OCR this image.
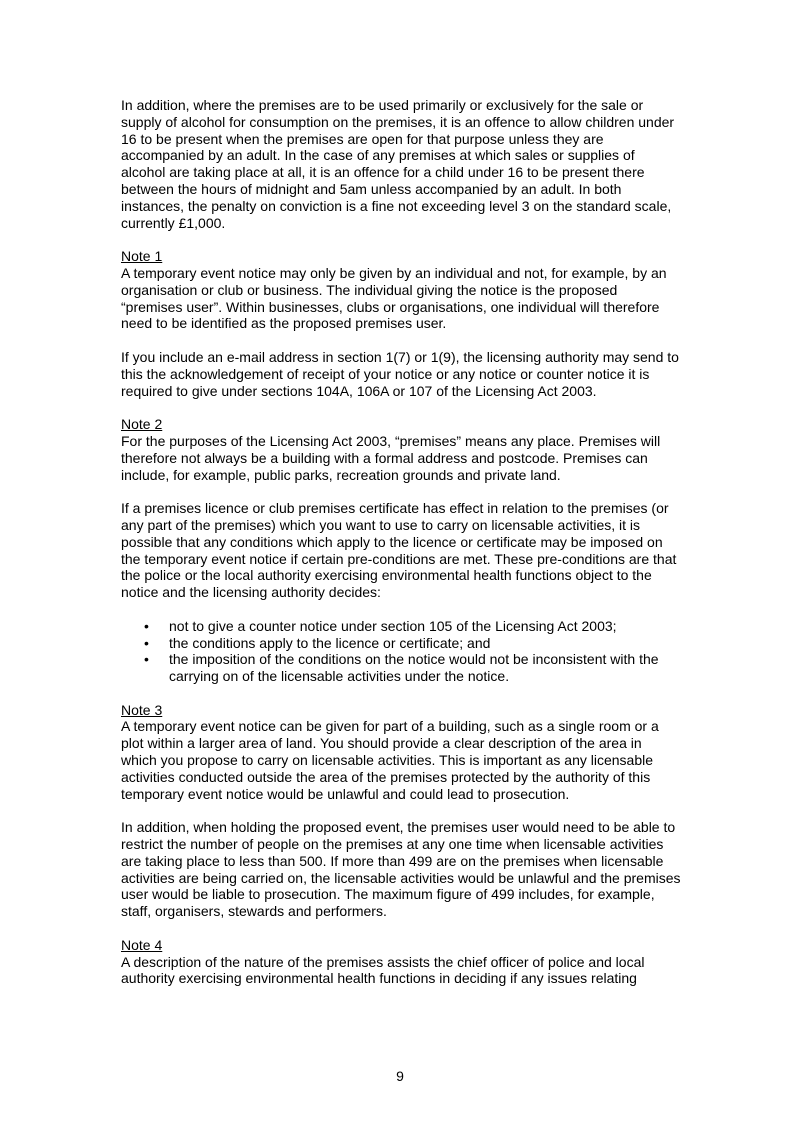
In addition, where the premises are to be used primarily or exclusively for the sale or supply of alcohol for consumption on the premises, it is an offence to allow children under 16 to be present when the premises are open for that purpose unless they are accompanied by an adult. In the case of any premises at which sales or supplies of alcohol are taking place at all, it is an offence for a child under 16 to be present there between the hours of midnight and 5am unless accompanied by an adult. In both instances, the penalty on conviction is a fine not exceeding level 3 on the standard scale, currently £1,000.

Note 1

A temporary event notice may only be given by an individual and not, for example, by an organisation or club or business. The individual giving the notice is the proposed “premises user”. Within businesses, clubs or organisations, one individual will therefore need to be identified as the proposed premises user.

If you include an e-mail address in section 1(7) or 1(9), the licensing authority may send to this the acknowledgement of receipt of your notice or any notice or counter notice it is required to give under sections 104A, 106A or 107 of the Licensing Act 2003.

Note 2

For the purposes of the Licensing Act 2003, “premises” means any place. Premises will therefore not always be a building with a formal address and postcode. Premises can include, for example, public parks, recreation grounds and private land.

If a premises licence or club premises certificate has effect in relation to the premises (or any part of the premises) which you want to use to carry on licensable activities, it is possible that any conditions which apply to the licence or certificate may be imposed on the temporary event notice if certain pre-conditions are met. These pre-conditions are that the police or the local authority exercising environmental health functions object to the notice and the licensing authority decides:

• not to give a counter notice under section 105 of the Licensing Act 2003;
• the conditions apply to the licence or certificate; and
• the imposition of the conditions on the notice would not be inconsistent with the carrying on of the licensable activities under the notice.

Note 3

A temporary event notice can be given for part of a building, such as a single room or a plot within a larger area of land. You should provide a clear description of the area in which you propose to carry on licensable activities. This is important as any licensable activities conducted outside the area of the premises protected by the authority of this temporary event notice would be unlawful and could lead to prosecution.

In addition, when holding the proposed event, the premises user would need to be able to restrict the number of people on the premises at any one time when licensable activities are taking place to less than 500. If more than 499 are on the premises when licensable activities are being carried on, the licensable activities would be unlawful and the premises user would be liable to prosecution. The maximum figure of 499 includes, for example, staff, organisers, stewards and performers.

Note 4

A description of the nature of the premises assists the chief officer of police and local authority exercising environmental health functions in deciding if any issues relating

9
